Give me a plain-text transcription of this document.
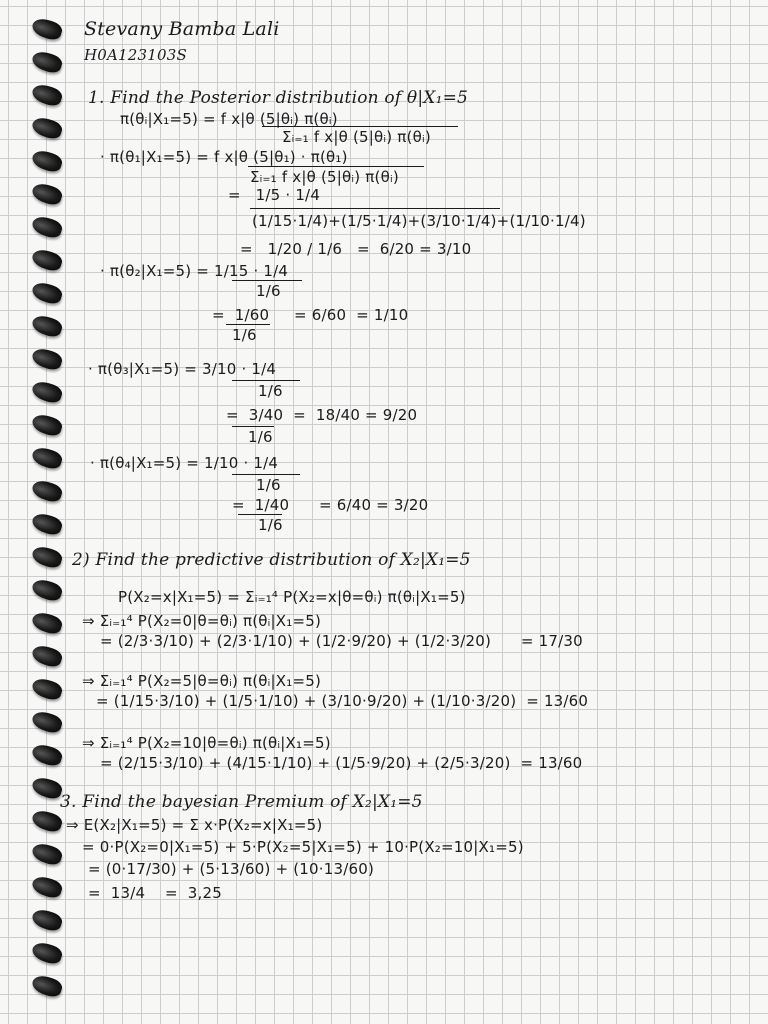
Stevany Bamba Lali
H0A123103S
1. Find the Posterior distribution of θ|X₁=5
π(θᵢ|X₁=5) = f x|θ (5|θᵢ) π(θᵢ)
Σᵢ₌₁ f x|θ (5|θᵢ) π(θᵢ)
· π(θ₁|X₁=5) = f x|θ (5|θ₁) · π(θ₁)
Σᵢ₌₁ f x|θ (5|θᵢ) π(θᵢ)
=   1/5 · 1/4
(1/15·1/4)+(1/5·1/4)+(3/10·1/4)+(1/10·1/4)
=   1/20 / 1/6   =  6/20 = 3/10
· π(θ₂|X₁=5) = 1/15 · 1/4
1/6
=  1/60     = 6/60  = 1/10
1/6
· π(θ₃|X₁=5) = 3/10 · 1/4
1/6
=  3/40  =  18/40 = 9/20
1/6
· π(θ₄|X₁=5) = 1/10 · 1/4
1/6
=  1/40      = 6/40 = 3/20
1/6
2) Find the predictive distribution of X₂|X₁=5
P(X₂=x|X₁=5) = Σᵢ₌₁⁴ P(X₂=x|θ=θᵢ) π(θᵢ|X₁=5)
⇒ Σᵢ₌₁⁴ P(X₂=0|θ=θᵢ) π(θᵢ|X₁=5)
= (2/3·3/10) + (2/3·1/10) + (1/2·9/20) + (1/2·3/20)      = 17/30
⇒ Σᵢ₌₁⁴ P(X₂=5|θ=θᵢ) π(θᵢ|X₁=5)
= (1/15·3/10) + (1/5·1/10) + (3/10·9/20) + (1/10·3/20)  = 13/60
⇒ Σᵢ₌₁⁴ P(X₂=10|θ=θᵢ) π(θᵢ|X₁=5)
= (2/15·3/10) + (4/15·1/10) + (1/5·9/20) + (2/5·3/20)  = 13/60
3. Find the bayesian Premium of X₂|X₁=5
⇒ E(X₂|X₁=5) = Σ x·P(X₂=x|X₁=5)
= 0·P(X₂=0|X₁=5) + 5·P(X₂=5|X₁=5) + 10·P(X₂=10|X₁=5)
= (0·17/30) + (5·13/60) + (10·13/60)
=  13/4    =  3,25
